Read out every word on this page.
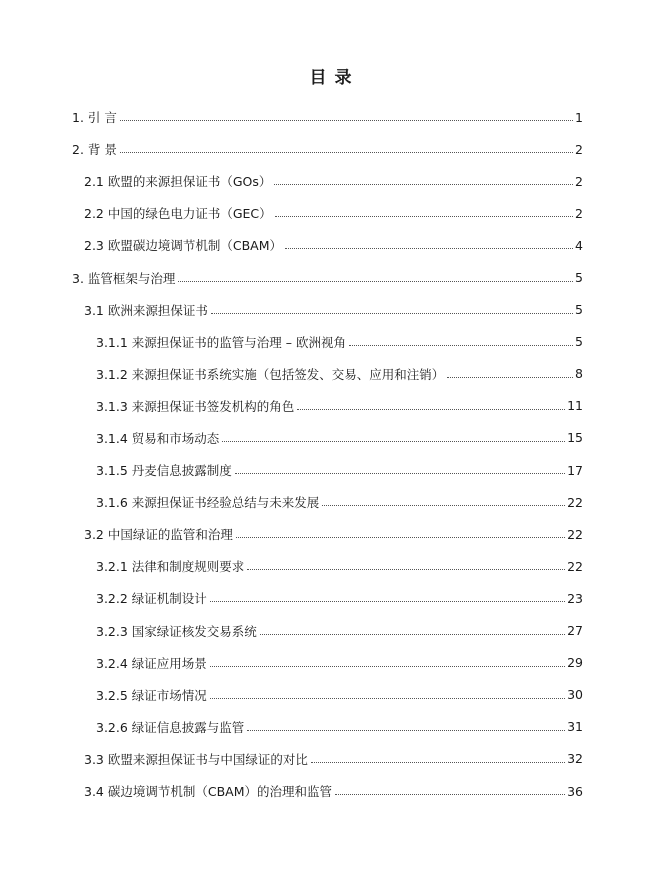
目 录
1. 引 言	1
2. 背 景	2
2.1 欧盟的来源担保证书（GOs）	2
2.2 中国的绿色电力证书（GEC）	2
2.3 欧盟碳边境调节机制（CBAM）	4
3. 监管框架与治理	5
3.1 欧洲来源担保证书	5
3.1.1 来源担保证书的监管与治理 – 欧洲视角	5
3.1.2 来源担保证书系统实施（包括签发、交易、应用和注销）	8
3.1.3 来源担保证书签发机构的角色	11
3.1.4 贸易和市场动态	15
3.1.5 丹麦信息披露制度	17
3.1.6 来源担保证书经验总结与未来发展	22
3.2 中国绿证的监管和治理	22
3.2.1 法律和制度规则要求	22
3.2.2 绿证机制设计	23
3.2.3 国家绿证核发交易系统	27
3.2.4 绿证应用场景	29
3.2.5 绿证市场情况	30
3.2.6 绿证信息披露与监管	31
3.3 欧盟来源担保证书与中国绿证的对比	32
3.4 碳边境调节机制（CBAM）的治理和监管	36
